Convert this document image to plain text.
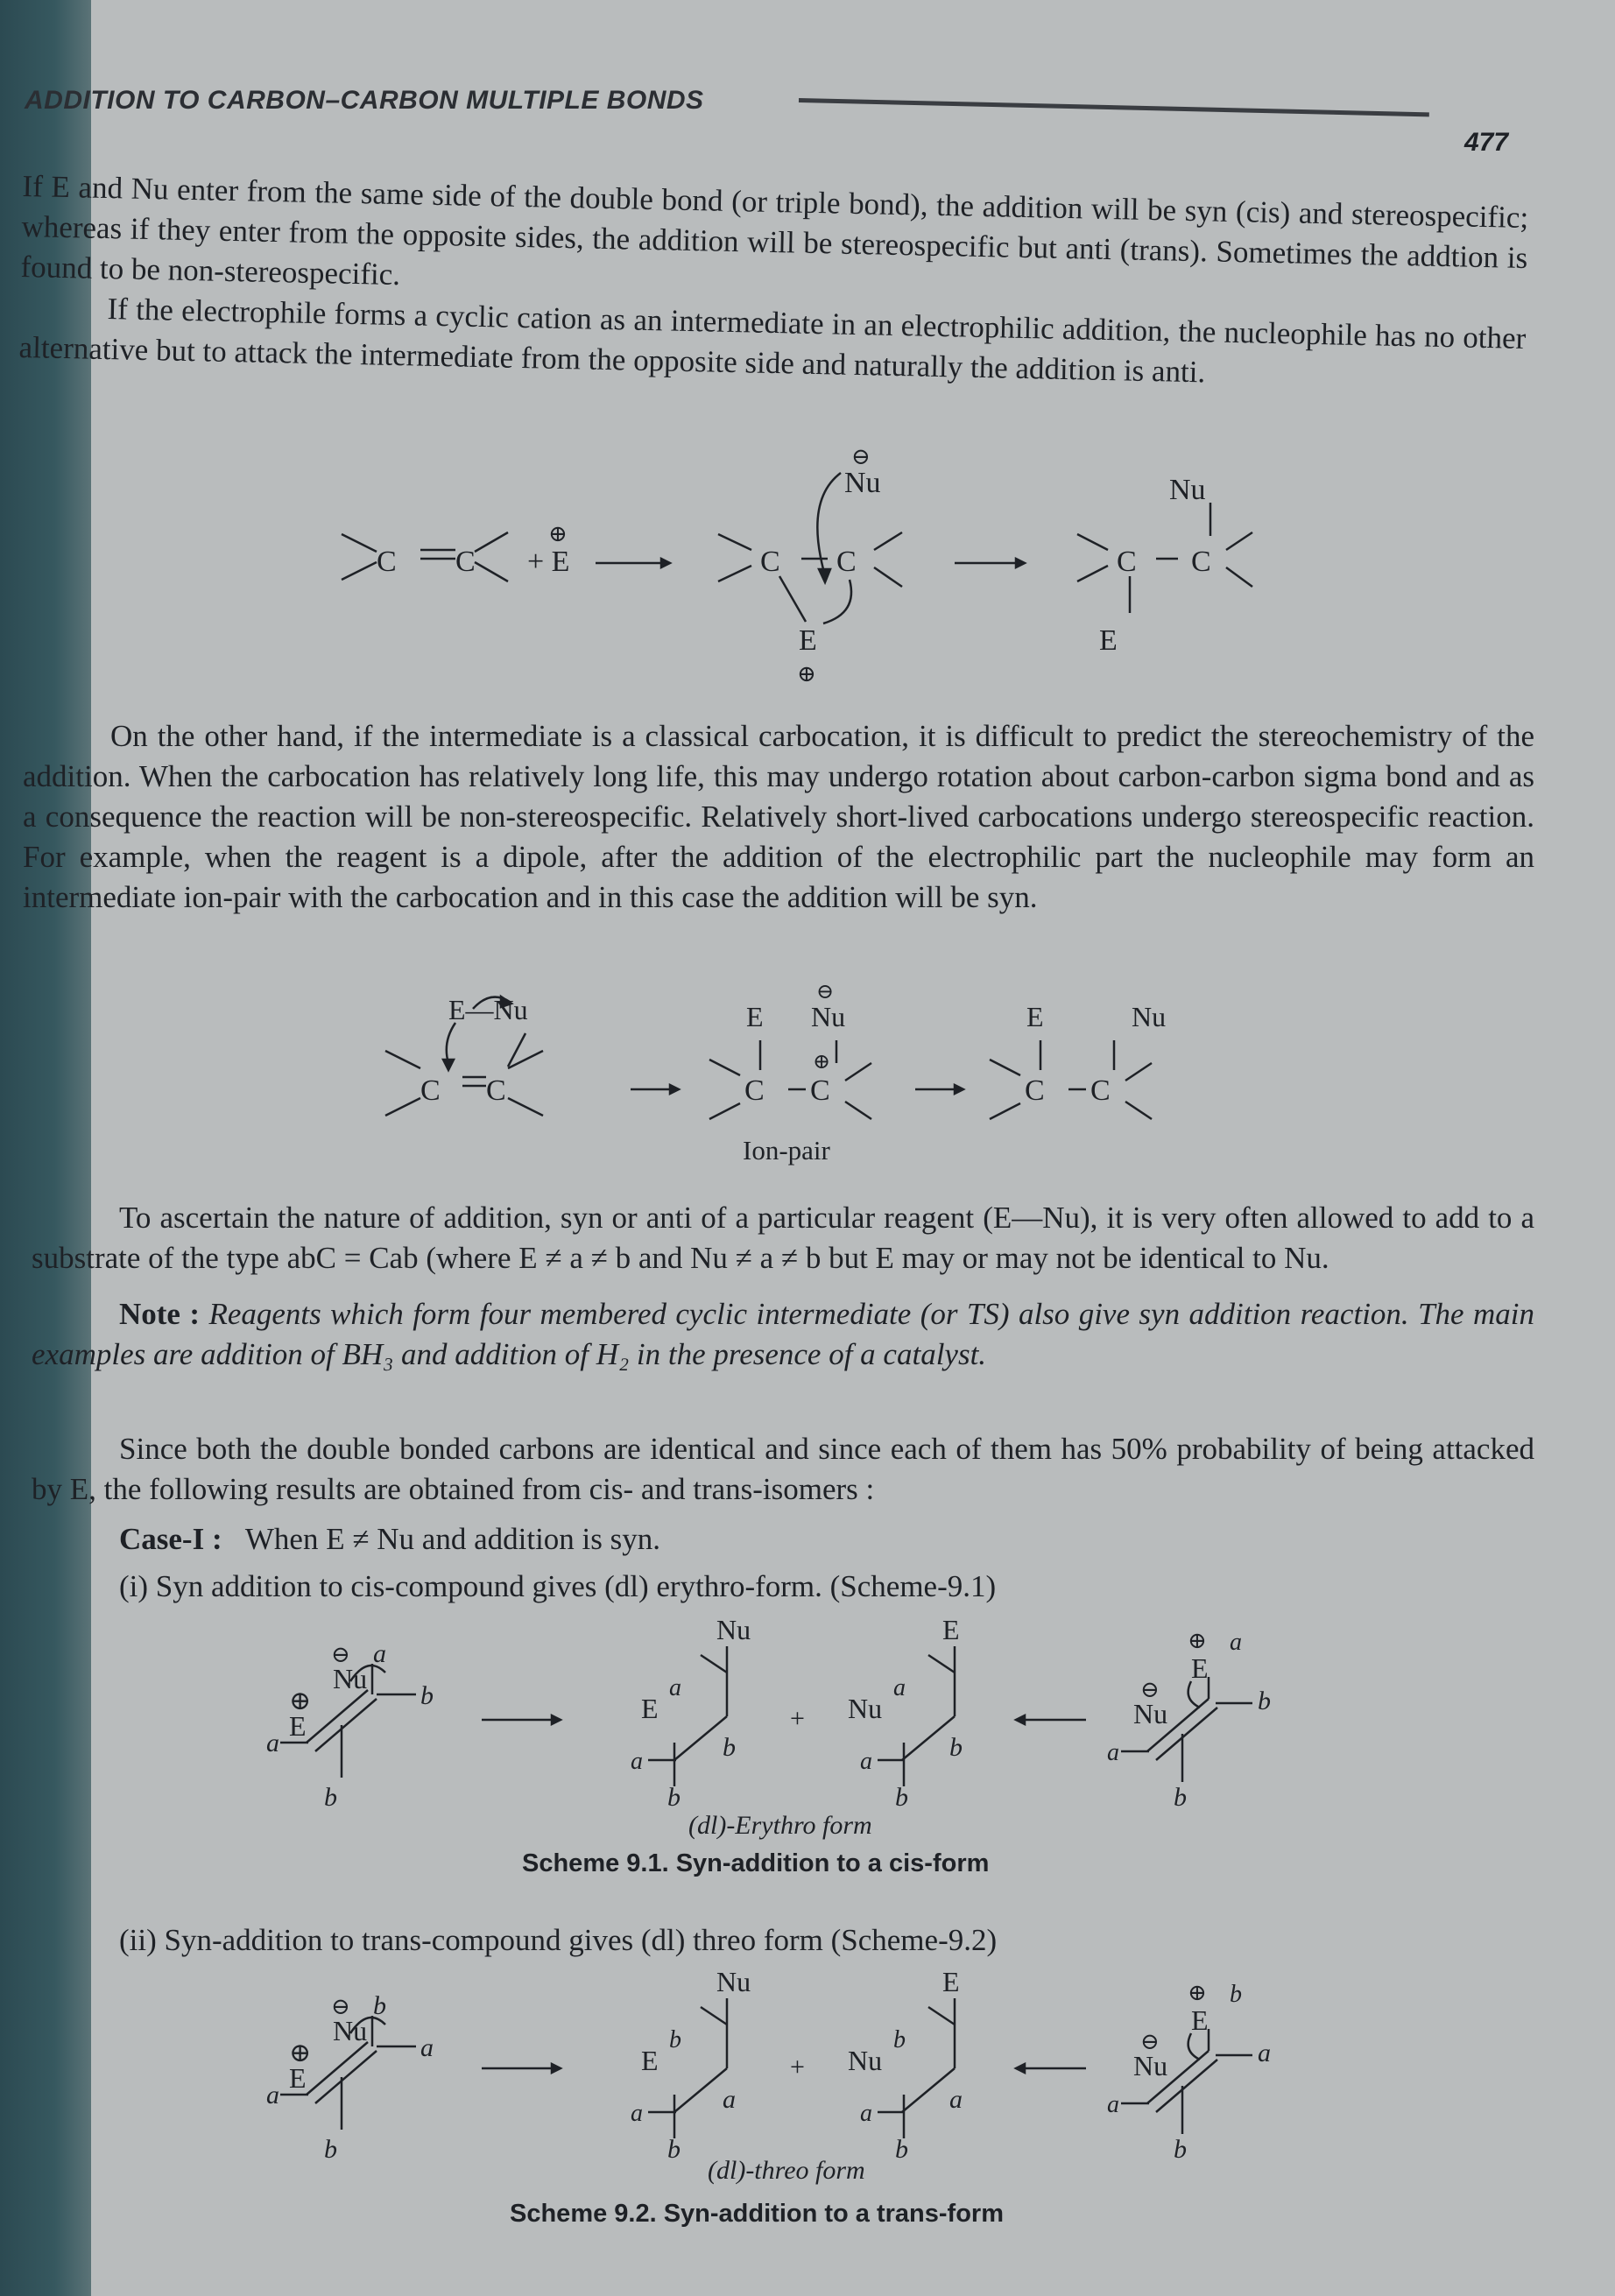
ADDITION TO CARBON–CARBON MULTIPLE BONDS
477
If E and Nu enter from the same side of the double bond (or triple bond), the addition will be syn (cis) and stereospecific; whereas if they enter from the opposite sides, the addition will be stereospecific but anti (trans). Sometimes the addtion is found to be non-stereospecific.
If the electrophile forms a cyclic cation as an intermediate in an electrophilic addition, the nucleophile has no other alternative but to attack the intermediate from the opposite side and naturally the addition is anti.
C C + E
⊕
C C
E
⊕
Nu
⊖
C C
Nu
E

On the other hand, if the intermediate is a classical carbocation, it is difficult to predict the stereochemistry of the addition. When the carbocation has relatively long life, this may undergo rotation about carbon-carbon sigma bond and as a consequence the reaction will be non-stereospecific. Relatively short-lived carbocations undergo stereospecific reaction. For example, when the reagent is a dipole, after the addition of the electrophilic part the nucleophile may form an intermediate ion-pair with the carbocation and in this case the addition will be syn.

C C
E—Nu
C C
⊕
E Nu
⊖
C C
E	Nu
Ion-pair

To ascertain the nature of addition, syn or anti of a particular reagent (E—Nu), it is very often allowed to add to a substrate of the type abC = Cab (where E ≠ a ≠ b and Nu ≠ a ≠ b but E may or may not be identical to Nu.

Note : Reagents which form four membered cyclic intermediate (or TS) also give syn addition reaction. The main examples are addition of BH₃ and addition of H₂ in the presence of a catalyst.

Since both the double bonded carbons are identical and since each of them has 50% probability of being attacked by E, the following results are obtained from cis- and trans-isomers :

Case-I : When E ≠ Nu and addition is syn.
(i) Syn addition to cis-compound gives (dl) erythro-form. (Scheme-9.1)
⊕
E
Nu
⊖ a
b
a
b
Nu
E
a
b
a
b
+
E
Nu
a
b
a
b
⊕ a
E
⊖
Nu	b
a
b
(dl)-Erythro form
Scheme 9.1. Syn-addition to a cis-form
(ii) Syn-addition to trans-compound gives (dl) threo form (Scheme-9.2)
⊕
E
Nu
⊖ b
a
a
b
Nu
E
b
a
a
b
+
E
Nu
b
a
a
b
⊕ b
E
⊖
Nu	a
a
b
(dl)-threo form
Scheme 9.2. Syn-addition to a trans-form
